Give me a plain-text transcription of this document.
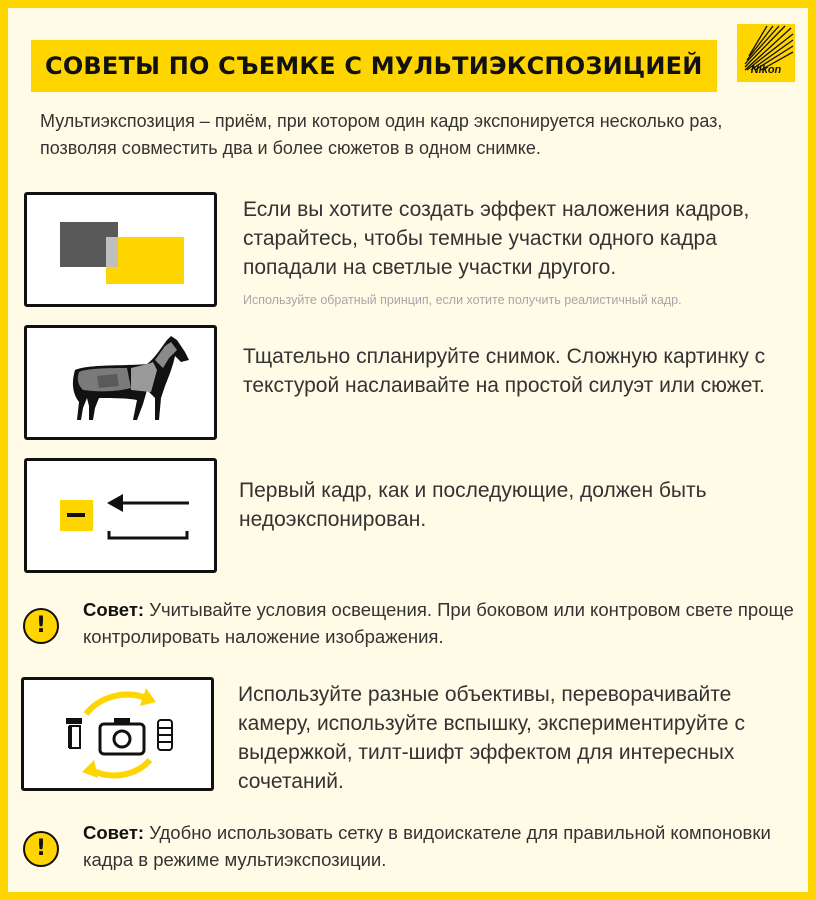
СОВЕТЫ ПО СЪЕМКЕ С МУЛЬТИЭКСПОЗИЦИЕЙ	Nikon
Мультиэкспозиция – приём, при котором один кадр экспонируется несколько раз, позволяя совместить два и более сюжетов в одном снимке.
Если вы хотите создать эффект наложения кадров, старайтесь, чтобы темные участки одного кадра попадали на светлые участки другого.
Используйте обратный принцип, если хотите получить реалистичный кадр.
Тщательно спланируйте снимок. Сложную картинку с текстурой наслаивайте на простой силуэт или сюжет.
Первый кадр, как и последующие, должен быть недоэкспонирован.
!
Совет: Учитывайте условия освещения. При боковом или контровом свете проще контролировать наложение изображения.
Используйте разные объективы, переворачивайте камеру, используйте вспышку, экспериментируйте с выдержкой, тилт-шифт эффектом для интересных сочетаний.
!
Совет: Удобно использовать сетку в видоискателе для правильной компоновки кадра в режиме мультиэкспозиции.
